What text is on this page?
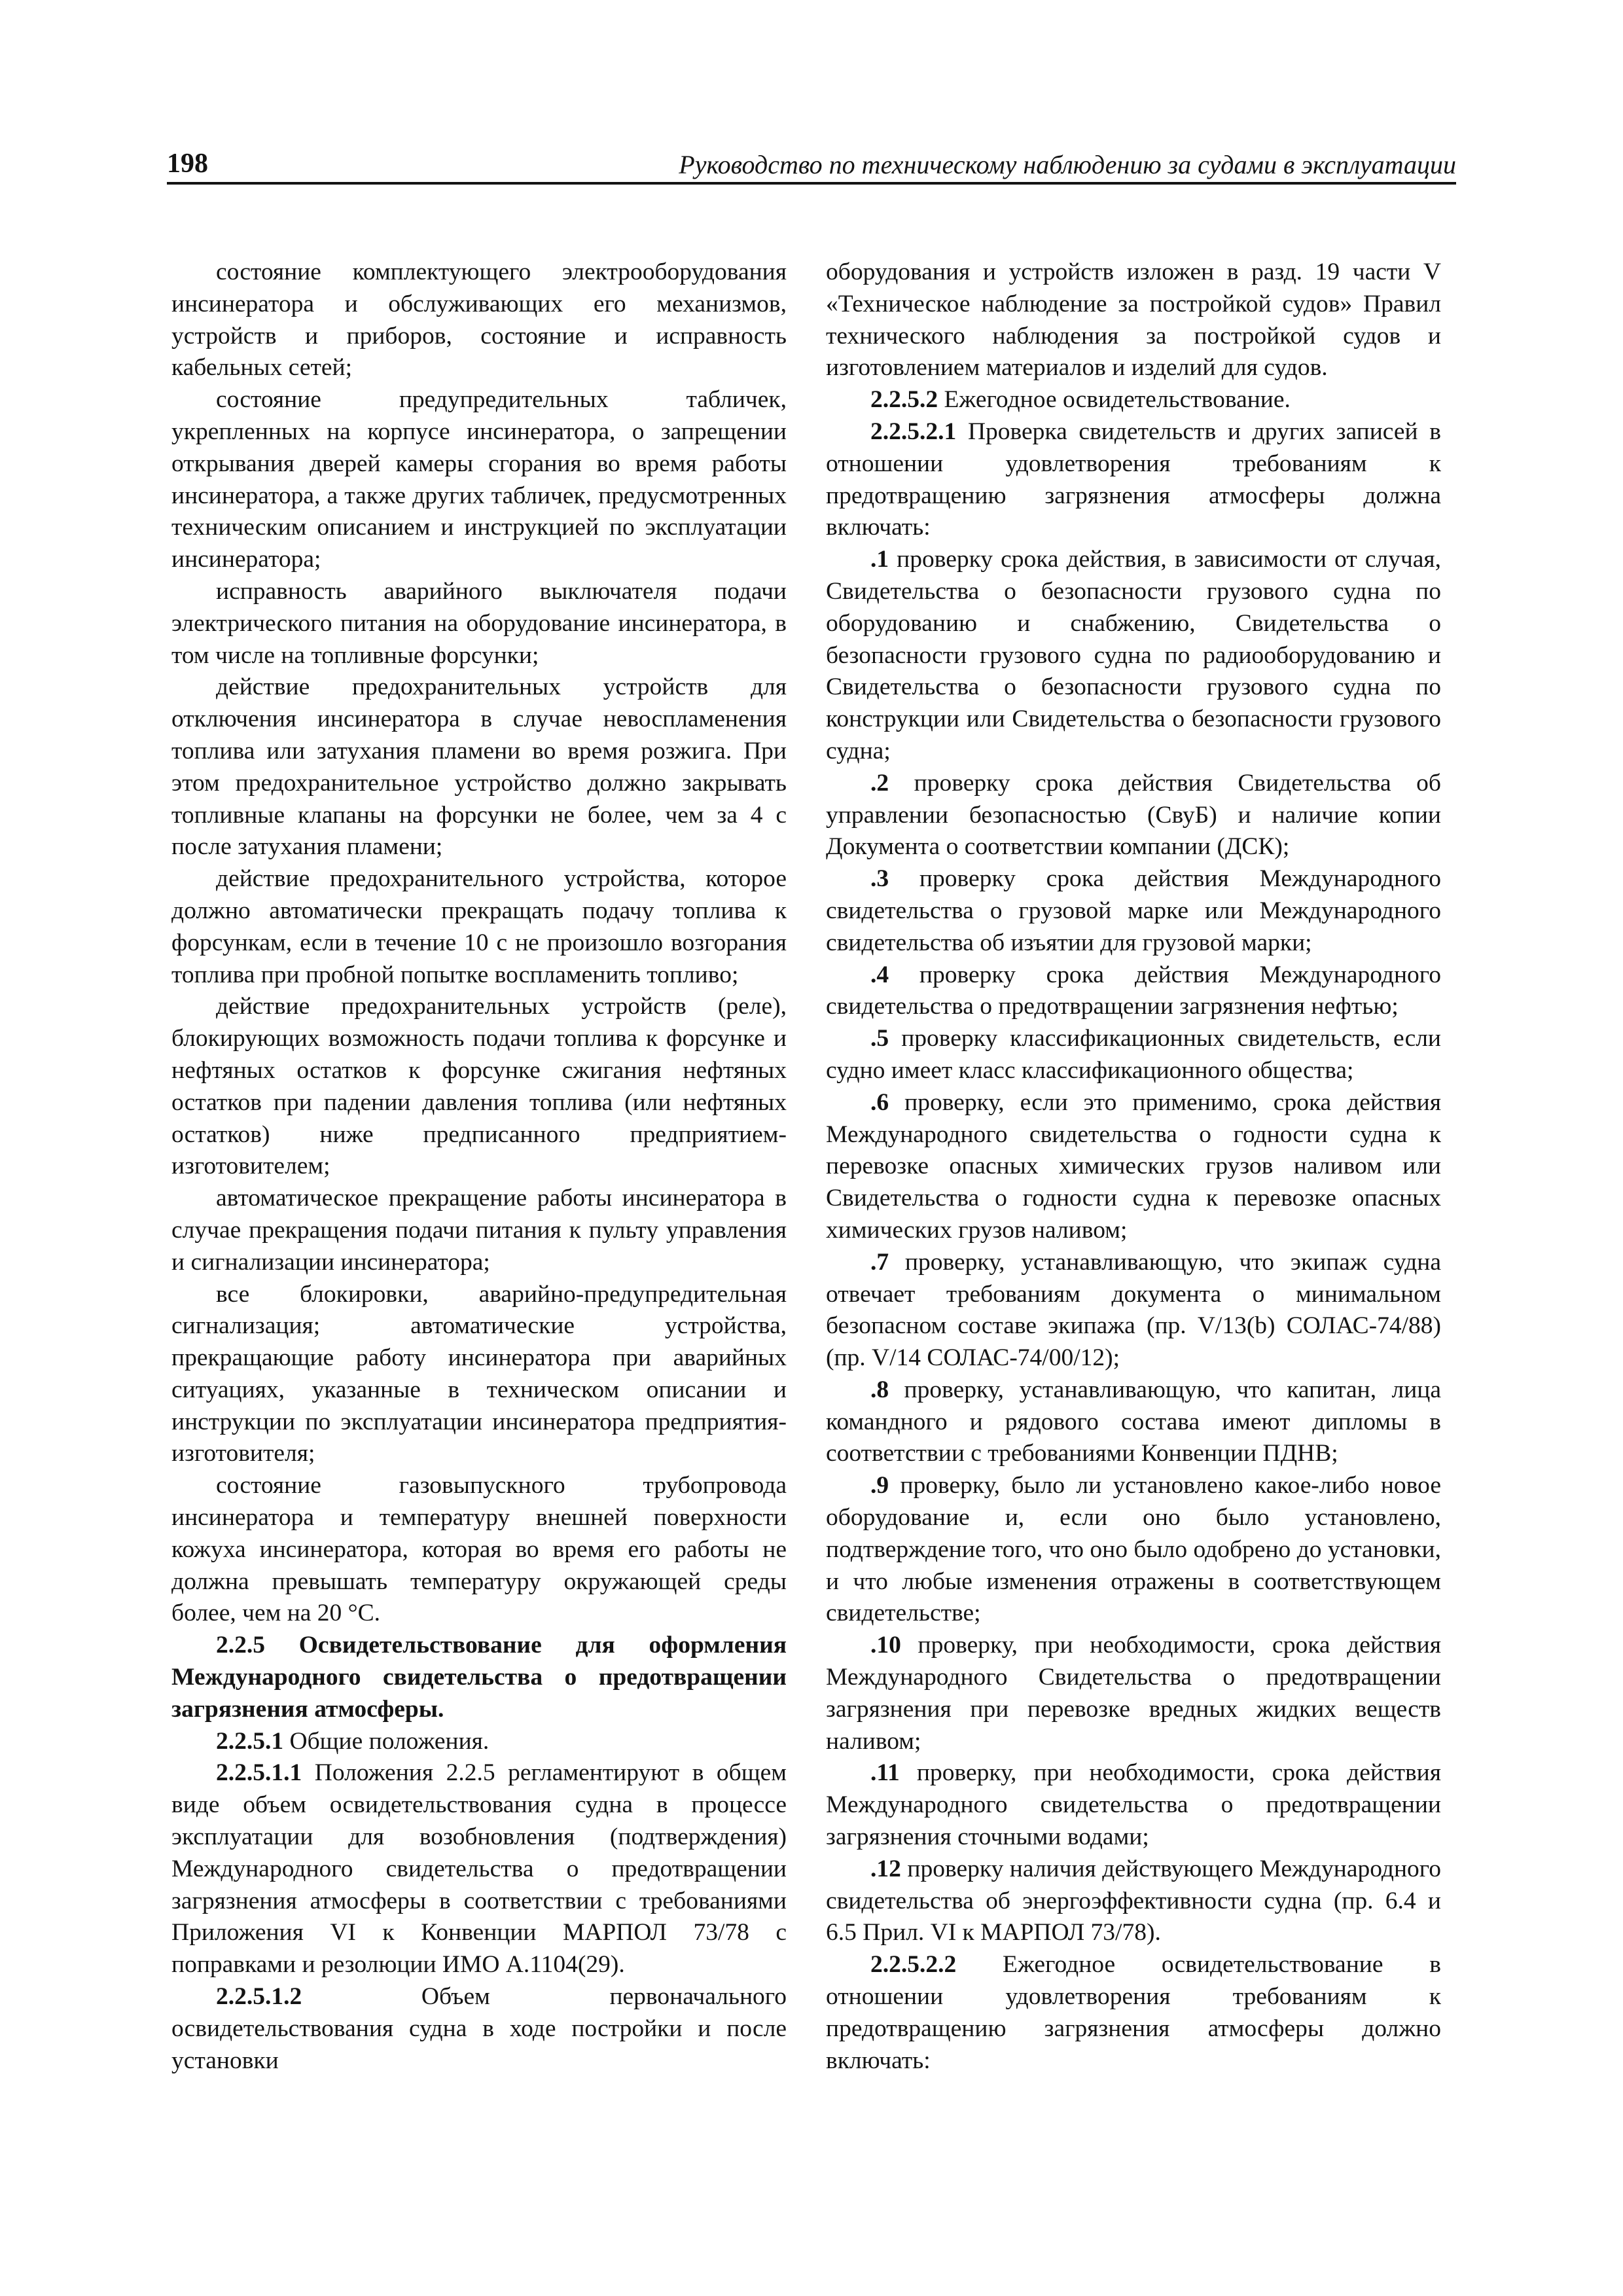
198	Руководство по техническому наблюдению за судами в эксплуатации

состояние комплектующего электрооборудования инсинератора и обслуживающих его механизмов, устройств и приборов, состояние и исправность кабельных сетей;

состояние предупредительных табличек, укрепленных на корпусе инсинератора, о запрещении открывания дверей камеры сгорания во время работы инсинератора, а также других табличек, предусмотренных техническим описанием и инструкцией по эксплуатации инсинератора;

исправность аварийного выключателя подачи электрического питания на оборудование инсинератора, в том числе на топливные форсунки;

действие предохранительных устройств для отключения инсинератора в случае невоспламенения топлива или затухания пламени во время розжига. При этом предохранительное устройство должно закрывать топливные клапаны на форсунки не более, чем за 4 с после затухания пламени;

действие предохранительного устройства, которое должно автоматически прекращать подачу топлива к форсункам, если в течение 10 с не произошло возгорания топлива при пробной попытке воспламенить топливо;

действие предохранительных устройств (реле), блокирующих возможность подачи топлива к форсунке и нефтяных остатков к форсунке сжигания нефтяных остатков при падении давления топлива (или нефтяных остатков) ниже предписанного предприятием-изготовителем;

автоматическое прекращение работы инсинератора в случае прекращения подачи питания к пульту управления и сигнализации инсинератора;

все блокировки, аварийно-предупредительная сигнализация; автоматические устройства, прекращающие работу инсинератора при аварийных ситуациях, указанные в техническом описании и инструкции по эксплуатации инсинератора предприятия-изготовителя;

состояние газовыпускного трубопровода инсинератора и температуру внешней поверхности кожуха инсинератора, которая во время его работы не должна превышать температуру окружающей среды более, чем на 20 °С.

2.2.5 Освидетельствование для оформления Международного свидетельства о предотвращении загрязнения атмосферы.

2.2.5.1 Общие положения.

2.2.5.1.1 Положения 2.2.5 регламентируют в общем виде объем освидетельствования судна в процессе эксплуатации для возобновления (подтверждения) Международного свидетельства о предотвращении загрязнения атмосферы в соответствии с требованиями Приложения VI к Конвенции МАРПОЛ 73/78 с поправками и резолюции ИМО A.1104(29).

2.2.5.1.2 Объем первоначального освидетельствования судна в ходе постройки и после установки

оборудования и устройств изложен в разд. 19 части V «Техническое наблюдение за постройкой судов» Правил технического наблюдения за постройкой судов и изготовлением материалов и изделий для судов.

2.2.5.2 Ежегодное освидетельствование.

2.2.5.2.1 Проверка свидетельств и других записей в отношении удовлетворения требованиям к предотвращению загрязнения атмосферы должна включать:

.1 проверку срока действия, в зависимости от случая, Свидетельства о безопасности грузового судна по оборудованию и снабжению, Свидетельства о безопасности грузового судна по радиооборудованию и Свидетельства о безопасности грузового судна по конструкции или Свидетельства о безопасности грузового судна;

.2 проверку срока действия Свидетельства об управлении безопасностью (СвуБ) и наличие копии Документа о соответствии компании (ДСК);

.3 проверку срока действия Международного свидетельства о грузовой марке или Международного свидетельства об изъятии для грузовой марки;

.4 проверку срока действия Международного свидетельства о предотвращении загрязнения нефтью;

.5 проверку классификационных свидетельств, если судно имеет класс классификационного общества;

.6 проверку, если это применимо, срока действия Международного свидетельства о годности судна к перевозке опасных химических грузов наливом или Свидетельства о годности судна к перевозке опасных химических грузов наливом;

.7 проверку, устанавливающую, что экипаж судна отвечает требованиям документа о минимальном безопасном составе экипажа (пр. V/13(b) СОЛАС-74/88) (пр. V/14 СОЛАС-74/00/12);

.8 проверку, устанавливающую, что капитан, лица командного и рядового состава имеют дипломы в соответствии с требованиями Конвенции ПДНВ;

.9 проверку, было ли установлено какое-либо новое оборудование и, если оно было установлено, подтверждение того, что оно было одобрено до установки, и что любые изменения отражены в соответствующем свидетельстве;

.10 проверку, при необходимости, срока действия Международного Свидетельства о предотвращении загрязнения при перевозке вредных жидких веществ наливом;

.11 проверку, при необходимости, срока действия Международного свидетельства о предотвращении загрязнения сточными водами;

.12 проверку наличия действующего Международного свидетельства об энергоэффективности судна (пр. 6.4 и 6.5 Прил. VI к МАРПОЛ 73/78).

2.2.5.2.2 Ежегодное освидетельствование в отношении удовлетворения требованиям к предотвращению загрязнения атмосферы должно включать:
